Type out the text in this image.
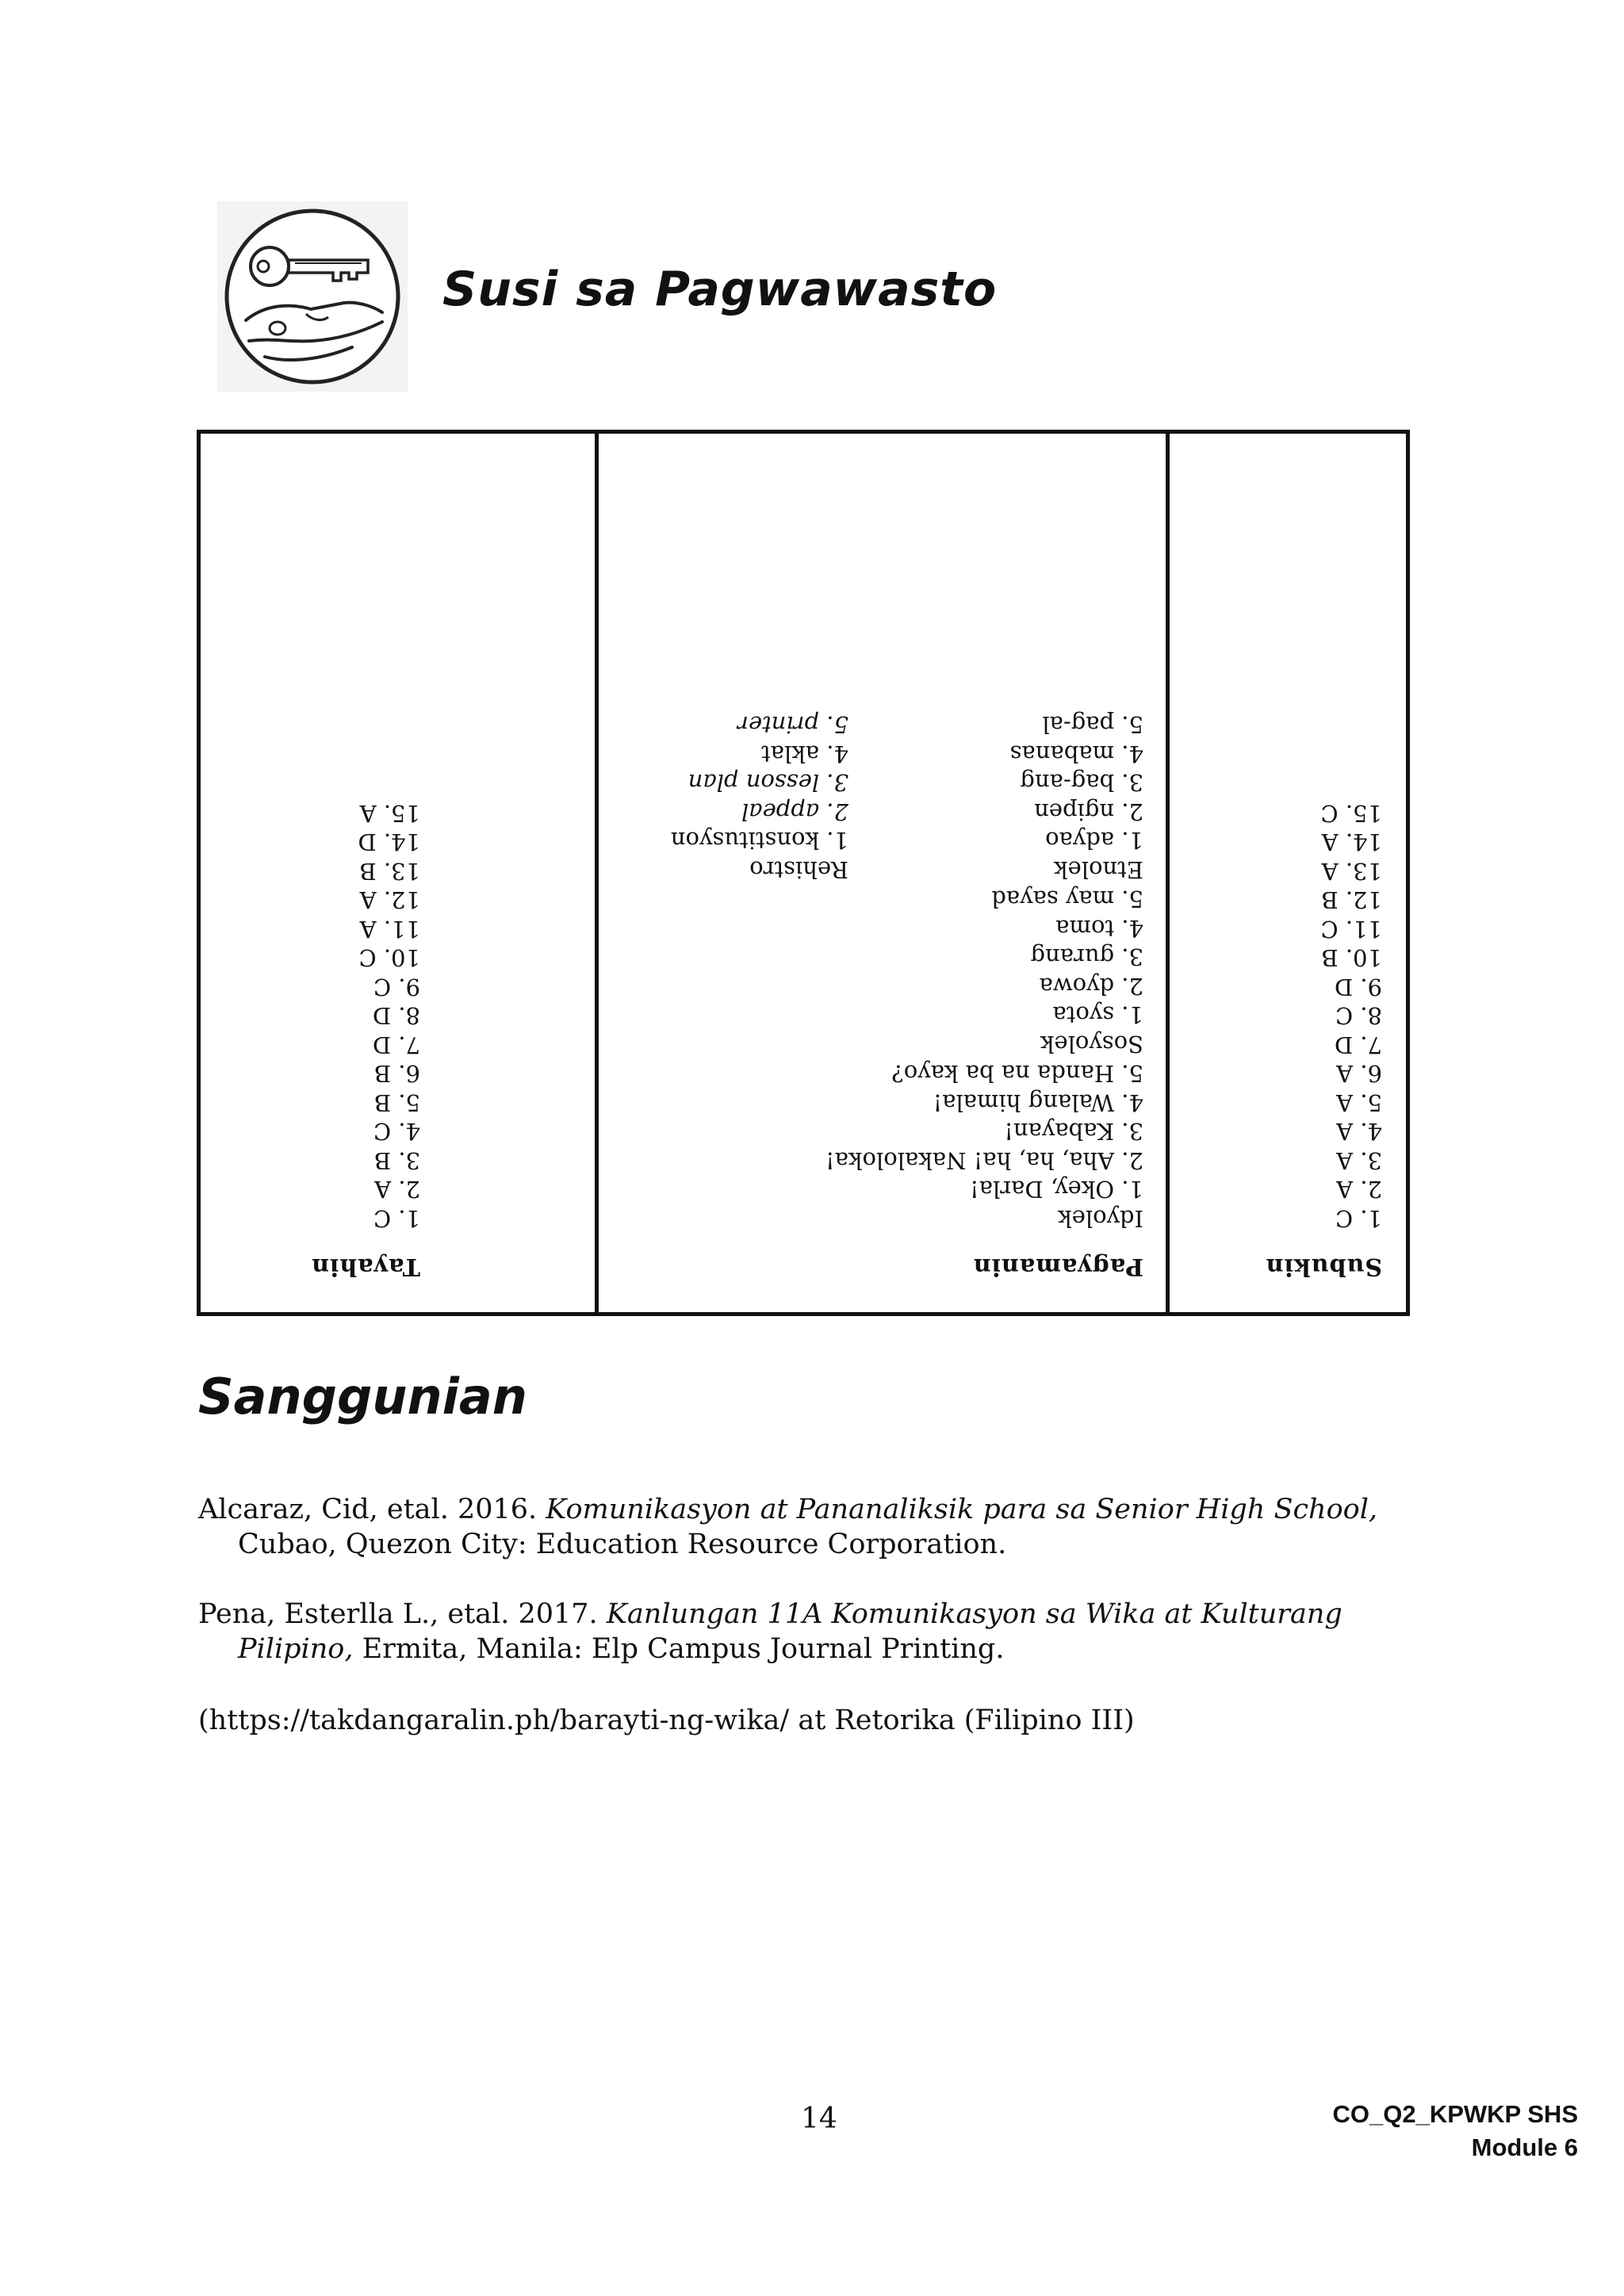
Susi sa Pagwawasto
Tayahin
1. C
2. A
3. B
4. C
5. B
6. B
7. D
8. D
9. C
10. C
11. A
12. A
13. B
14. D
15. A
Pagyamanin
Idyolek
1. Okey, Darla!
2. Aha, ha, ha! Nakaloloka!
3. Kabayan!
4. Walang himala!
5. Handa na ba kayo?
Sosyolek
1. syota
2. dyowa
3. gurang
4. toma
5. may sayad
Etnolek
1. adyao
2. ngipen
3. bag-ang
4. mabanas
5. pag-al
Rehistro
1. konstitusyon
2. appeal
3. lesson plan
4. aklat
5. printer
Subukin
1. C
2. A
3. A
4. A
5. A
6. A
7. D
8. C
9. D
10. B
11. C
12. B
13. A
14. A
15. C
Sanggunian
Alcaraz, Cid, etal. 2016. Komunikasyon at Pananaliksik para sa Senior High School,
Cubao, Quezon City: Education Resource Corporation.
Pena, Esterlla L., etal. 2017. Kanlungan 11A Komunikasyon sa Wika at Kulturang
Pilipino, Ermita, Manila: Elp Campus Journal Printing.
(https://takdangaralin.ph/barayti-ng-wika/ at Retorika (Filipino III)
14	CO_Q2_KPWKP SHS
Module 6
